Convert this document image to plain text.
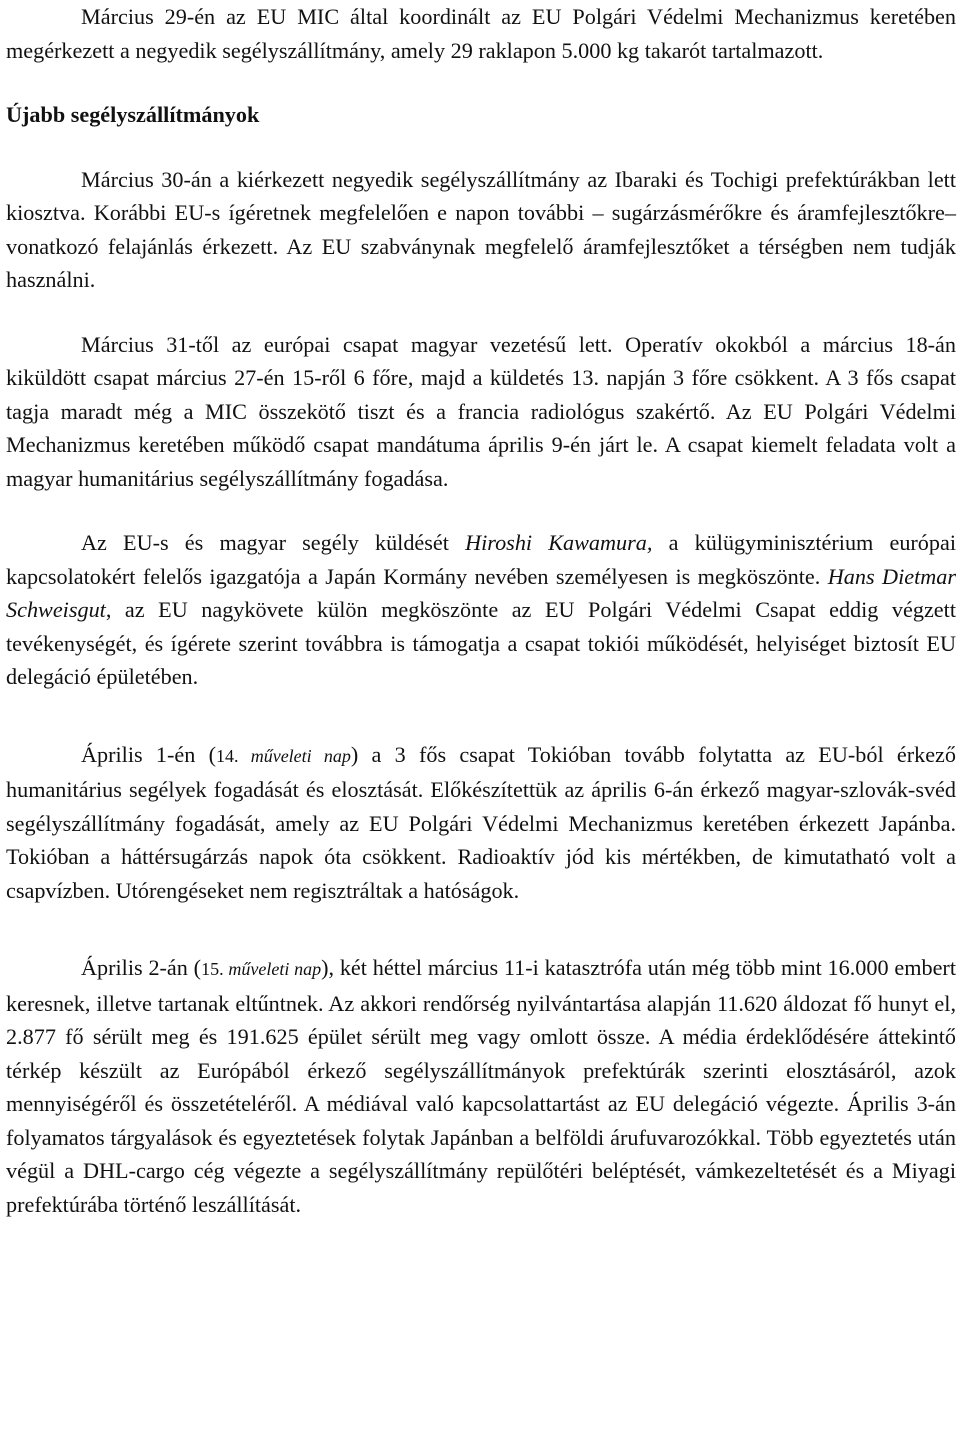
Március 29-én az EU MIC által koordinált az EU Polgári Védelmi Mechanizmus keretében megérkezett a negyedik segélyszállítmány, amely 29 raklapon 5.000 kg takarót tartalmazott.

Újabb segélyszállítmányok

Március 30-án a kiérkezett negyedik segélyszállítmány az Ibaraki és Tochigi prefektúrákban lett kiosztva. Korábbi EU-s ígéretnek megfelelően e napon további – sugárzásmérőkre és áramfejlesztőkre– vonatkozó felajánlás érkezett. Az EU szabványnak megfelelő áramfejlesztőket a térségben nem tudják használni.

Március 31-től az európai csapat magyar vezetésű lett. Operatív okokból a március 18-án kiküldött csapat március 27-én 15-ről 6 főre, majd a küldetés 13. napján 3 főre csökkent. A 3 fős csapat tagja maradt még a MIC összekötő tiszt és a francia radiológus szakértő. Az EU Polgári Védelmi Mechanizmus keretében működő csapat mandátuma április 9-én járt le. A csapat kiemelt feladata volt a magyar humanitárius segélyszállítmány fogadása.

Az EU-s és magyar segély küldését Hiroshi Kawamura, a külügyminisztérium európai kapcsolatokért felelős igazgatója a Japán Kormány nevében személyesen is megköszönte. Hans Dietmar Schweisgut, az EU nagykövete külön megköszönte az EU Polgári Védelmi Csapat eddig végzett tevékenységét, és ígérete szerint továbbra is támogatja a csapat tokiói működését, helyiséget biztosít EU delegáció épületében.

Április 1-én (14. műveleti nap) a 3 fős csapat Tokióban tovább folytatta az EU-ból érkező humanitárius segélyek fogadását és elosztását. Előkészítettük az április 6-án érkező magyar-szlovák-svéd segélyszállítmány fogadását, amely az EU Polgári Védelmi Mechanizmus keretében érkezett Japánba. Tokióban a háttérsugárzás napok óta csökkent. Radioaktív jód kis mértékben, de kimutatható volt a csapvízben. Utórengéseket nem regisztráltak a hatóságok.

Április 2-án (15. műveleti nap), két héttel március 11-i katasztrófa után még több mint 16.000 embert keresnek, illetve tartanak eltűntnek. Az akkori rendőrség nyilvántartása alapján 11.620 áldozat fő hunyt el, 2.877 fő sérült meg és 191.625 épület sérült meg vagy omlott össze. A média érdeklődésére áttekintő térkép készült az Európából érkező segélyszállítmányok prefektúrák szerinti elosztásáról, azok mennyiségéről és összetételéről. A médiával való kapcsolattartást az EU delegáció végezte. Április 3-án folyamatos tárgyalások és egyeztetések folytak Japánban a belföldi árufuvarozókkal. Több egyeztetés után végül a DHL-cargo cég végezte a segélyszállítmány repülőtéri beléptését, vámkezeltetését és a Miyagi prefektúrába történő leszállítását.
